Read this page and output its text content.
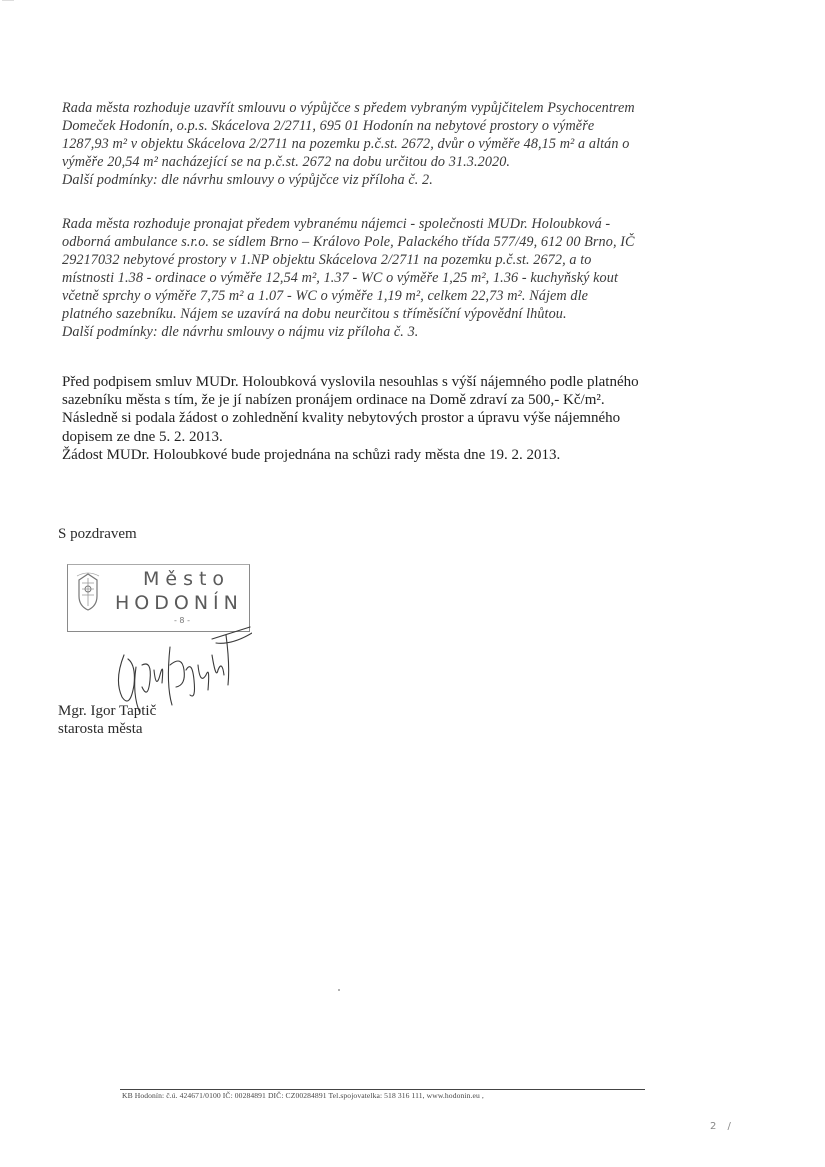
Rada města rozhoduje uzavřít smlouvu o výpůjčce s předem vybraným vypůjčitelem Psychocentrem
Domeček Hodonín, o.p.s. Skácelova 2/2711, 695 01 Hodonín na nebytové prostory o výměře
1287,93 m² v objektu Skácelova 2/2711 na pozemku p.č.st. 2672, dvůr o výměře 48,15 m² a altán o
výměře 20,54 m² nacházející se na p.č.st. 2672 na dobu určitou do 31.3.2020.
Další podmínky: dle návrhu smlouvy o výpůjčce viz příloha č. 2.

Rada města rozhoduje pronajat předem vybranému nájemci - společnosti MUDr. Holoubková -
odborná ambulance s.r.o. se sídlem Brno – Královo Pole, Palackého třída 577/49, 612 00 Brno, IČ
29217032 nebytové prostory v 1.NP objektu Skácelova 2/2711 na pozemku p.č.st. 2672, a to
místnosti 1.38 - ordinace o výměře 12,54 m², 1.37 - WC o výměře 1,25 m², 1.36 - kuchyňský kout
včetně sprchy o výměře 7,75 m² a 1.07 - WC o výměře 1,19 m², celkem 22,73 m². Nájem dle
platného sazebníku. Nájem se uzavírá na dobu neurčitou s tříměsíční výpovědní lhůtou.
Další podmínky: dle návrhu smlouvy o nájmu viz příloha č. 3.

Před podpisem smluv MUDr. Holoubková vyslovila nesouhlas s výší nájemného podle platného
sazebníku města s tím, že je jí nabízen pronájem ordinace na Domě zdraví za 500,- Kč/m².
Následně si podala žádost o zohlednění kvality nebytových prostor a úpravu výše nájemného
dopisem ze dne 5. 2. 2013.
Žádost MUDr. Holoubkové bude projednána na schůzi rady města dne 19. 2. 2013.

S pozdravem
Město
HODONÍN
- 8 -
Mgr. Igor Taptič
starosta města
KB Hodonín: č.ú. 424671/0100 IČ: 00284891 DIČ: CZ00284891 Tel.spojovatelka: 518 316 111, www.hodonin.eu ,
2 /
